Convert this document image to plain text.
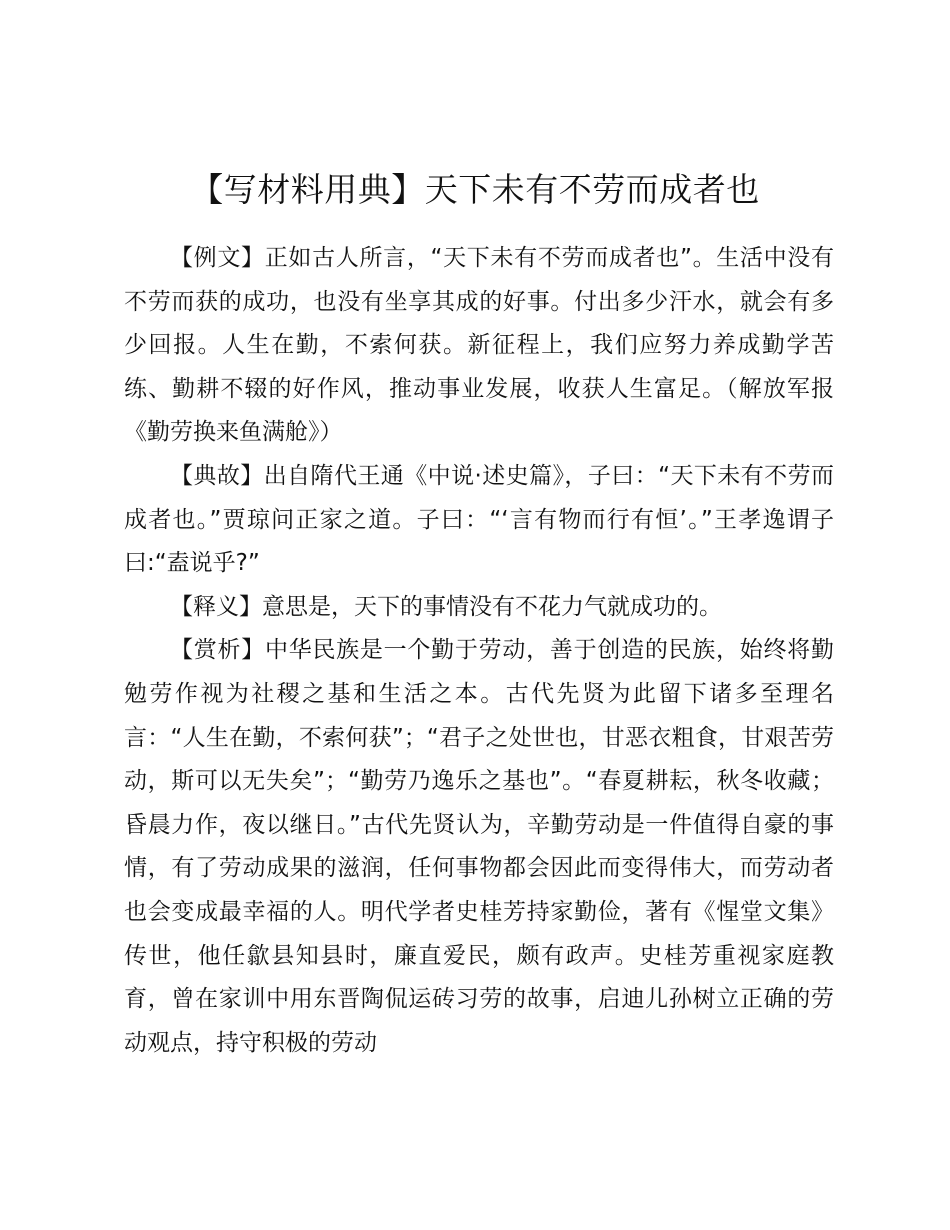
【写材料用典】天下未有不劳而成者也

【例文】正如古人所言，“天下未有不劳而成者也”。生活中没有不劳而获的成功，也没有坐享其成的好事。付出多少汗水，就会有多少回报。人生在勤，不索何获。新征程上，我们应努力养成勤学苦练、勤耕不辍的好作风，推动事业发展，收获人生富足。（解放军报《勤劳换来鱼满舱》）

【典故】出自隋代王通《中说·述史篇》，子曰：“天下未有不劳而成者也。”贾琼问正家之道。子曰：“‘言有物而行有恒’。”王孝逸谓子曰:“盍说乎?”

【释义】意思是，天下的事情没有不花力气就成功的。

【赏析】中华民族是一个勤于劳动，善于创造的民族，始终将勤勉劳作视为社稷之基和生活之本。古代先贤为此留下诸多至理名言：“人生在勤，不索何获”；“君子之处世也，甘恶衣粗食，甘艰苦劳动，斯可以无失矣”；“勤劳乃逸乐之基也”。“春夏耕耘，秋冬收藏；昏晨力作，夜以继日。”古代先贤认为，辛勤劳动是一件值得自豪的事情，有了劳动成果的滋润，任何事物都会因此而变得伟大，而劳动者也会变成最幸福的人。明代学者史桂芳持家勤俭，著有《惺堂文集》传世，他任歙县知县时，廉直爱民，颇有政声。史桂芳重视家庭教育，曾在家训中用东晋陶侃运砖习劳的故事，启迪儿孙树立正确的劳动观点，持守积极的劳动
